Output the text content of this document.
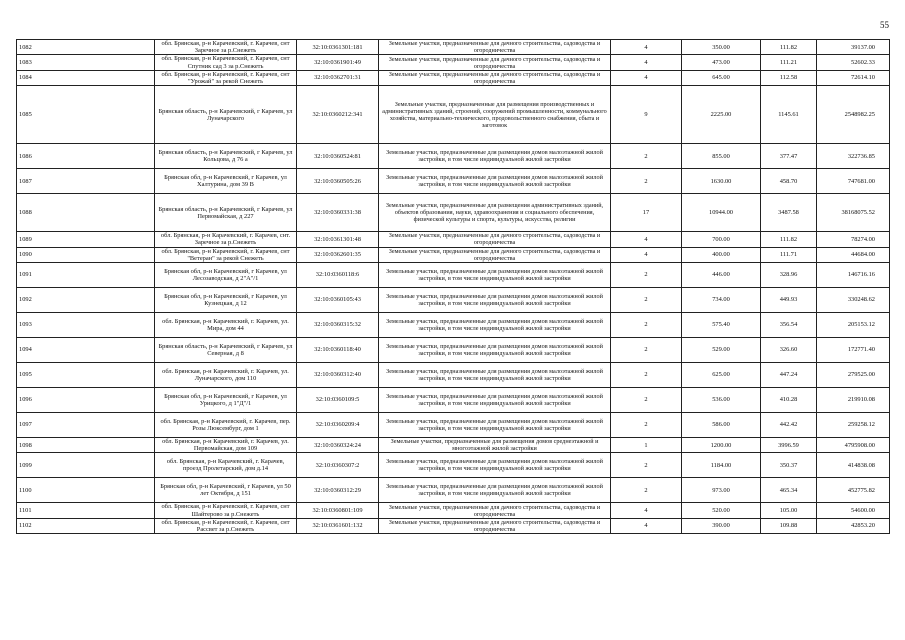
55
1082	обл. Брянская, р-н Карачевский, г. Карачев, снт Заречное за р.Снежеть	32:10:0361301:181	Земельные участки, предназначенные для дачного строительства, садоводства и огородничества	4	350.00	111.82	39137.00
1083	обл. Брянская, р-н Карачевский, г. Карачев, снт Спутник сад 3 за р.Снежеть	32:10:0361901:49	Земельные участки, предназначенные для дачного строительства, садоводства и огородничества	4	473.00	111.21	52602.33
1084	обл. Брянская, р-н Карачевский, г. Карачев, снт "Урожай" за рекой Снежеть	32:10:0362701:31	Земельные участки, предназначенные для дачного строительства, садоводства и огородничества	4	645.00	112.58	72614.10
1085	Брянская область, р-н Карачевский, г Карачев, ул Луначарского	32:10:0360212:341	Земельные участки, предназначенные для размещения производственных и административных зданий, строений, сооружений промышленности, коммунального хозяйства, материально-технического, продовольственного снабжения, сбыта и заготовок	9	2225.00	1145.61	2548982.25
1086	Брянская область, р-н Карачевский, г Карачев, ул Кольцова, д 76 а	32:10:0360524:81	Земельные участки, предназначенные для размещения домов малоэтажной жилой застройки, в том числе индивидуальной жилой застройки	2	855.00	377.47	322736.85
1087	Брянская обл, р-н Карачевский, г Карачев, ул Халтурина, дом 39 В	32:10:0360505:26	Земельные участки, предназначенные для размещения домов малоэтажной жилой застройки, в том числе индивидуальной жилой застройки	2	1630.00	458.70	747681.00
1088	Брянская область, р-н Карачевский, г Карачев, ул Первомайская, д 227	32:10:0360331:38	Земельные участки, предназначенные для размещения административных зданий, объектов образования, науки, здравоохранения и социального обеспечения, физической культуры и спорта, культуры, искусства, религии	17	10944.00	3487.58	38168075.52
1089	обл. Брянская, р-н Карачевский, г. Карачев, снт. Заречное за р.Снежеть	32:10:0361301:48	Земельные участки, предназначенные для дачного строительства, садоводства и огородничества	4	700.00	111.82	78274.00
1090	обл. Брянская, р-н Карачевский, г. Карачев, снт "Ветеран" за рекой Снежеть	32:10:0362601:35	Земельные участки, предназначенные для дачного строительства, садоводства и огородничества	4	400.00	111.71	44684.00
1091	Брянская обл, р-н Карачевский, г Карачев, ул Лесозаводская, д 2"А"/1	32:10:0360118:6	Земельные участки, предназначенные для размещения домов малоэтажной жилой застройки, в том числе индивидуальной жилой застройки	2	446.00	328.96	146716.16
1092	Брянская обл, р-н Карачевский, г Карачев, ул Кузнецкая, д 12	32:10:0360105:43	Земельные участки, предназначенные для размещения домов малоэтажной жилой застройки, в том числе индивидуальной жилой застройки	2	734.00	449.93	330248.62
1093	обл. Брянская, р-н Карачевский, г. Карачев, ул. Мира, дом 44	32:10:0360315:32	Земельные участки, предназначенные для размещения домов малоэтажной жилой застройки, в том числе индивидуальной жилой застройки	2	575.40	356.54	205153.12
1094	Брянская область, р-н Карачевский, г Карачев, ул Северная, д 8	32:10:0360118:40	Земельные участки, предназначенные для размещения домов малоэтажной жилой застройки, в том числе индивидуальной жилой застройки	2	529.00	326.60	172771.40
1095	обл. Брянская, р-н Карачевский, г. Карачев, ул. Луначарского, дом 110	32:10:0360312:40	Земельные участки, предназначенные для размещения домов малоэтажной жилой застройки, в том числе индивидуальной жилой застройки	2	625.00	447.24	279525.00
1096	Брянская обл, р-н Карачевский, г Карачев, ул Урицкого, д 1"Д"/1	32:10:0360109:5	Земельные участки, предназначенные для размещения домов малоэтажной жилой застройки, в том числе индивидуальной жилой застройки	2	536.00	410.28	219910.08
1097	обл. Брянская, р-н Карачевский, г. Карачев, пер. Розы Люксембург, дом 1	32:10:0360209:4	Земельные участки, предназначенные для размещения домов малоэтажной жилой застройки, в том числе индивидуальной жилой застройки	2	586.00	442.42	259258.12
1098	обл. Брянская, р-н Карачевский, г. Карачев, ул. Первомайская, дом 109	32:10:0360324:24	Земельные участки, предназначенные для размещения домов среднеэтажной и многоэтажной жилой застройки	1	1200.00	3996.59	4795908.00
1099	обл. Брянская, р-н Карачевский, г. Карачев, проезд Пролетарский, дом д.14	32:10:0360307:2	Земельные участки, предназначенные для размещения домов малоэтажной жилой застройки, в том числе индивидуальной жилой застройки	2	1184.00	350.37	414838.08
1100	Брянская обл, р-н Карачевский, г Карачев, ул 50 лет Октября, д 151	32:10:0360312:29	Земельные участки, предназначенные для размещения домов малоэтажной жилой застройки, в том числе индивидуальной жилой застройки	2	973.00	465.34	452775.82
1101	обл. Брянская, р-н Карачевский, г. Карачев, снт Шайтерово за р.Снежеть	32:10:0360801:109	Земельные участки, предназначенные для дачного строительства, садоводства и огородничества	4	520.00	105.00	54600.00
1102	обл. Брянская, р-н Карачевский, г. Карачев, снт Рассвет за р.Снежеть	32:10:0361601:132	Земельные участки, предназначенные для дачного строительства, садоводства и огородничества	4	390.00	109.88	42853.20
